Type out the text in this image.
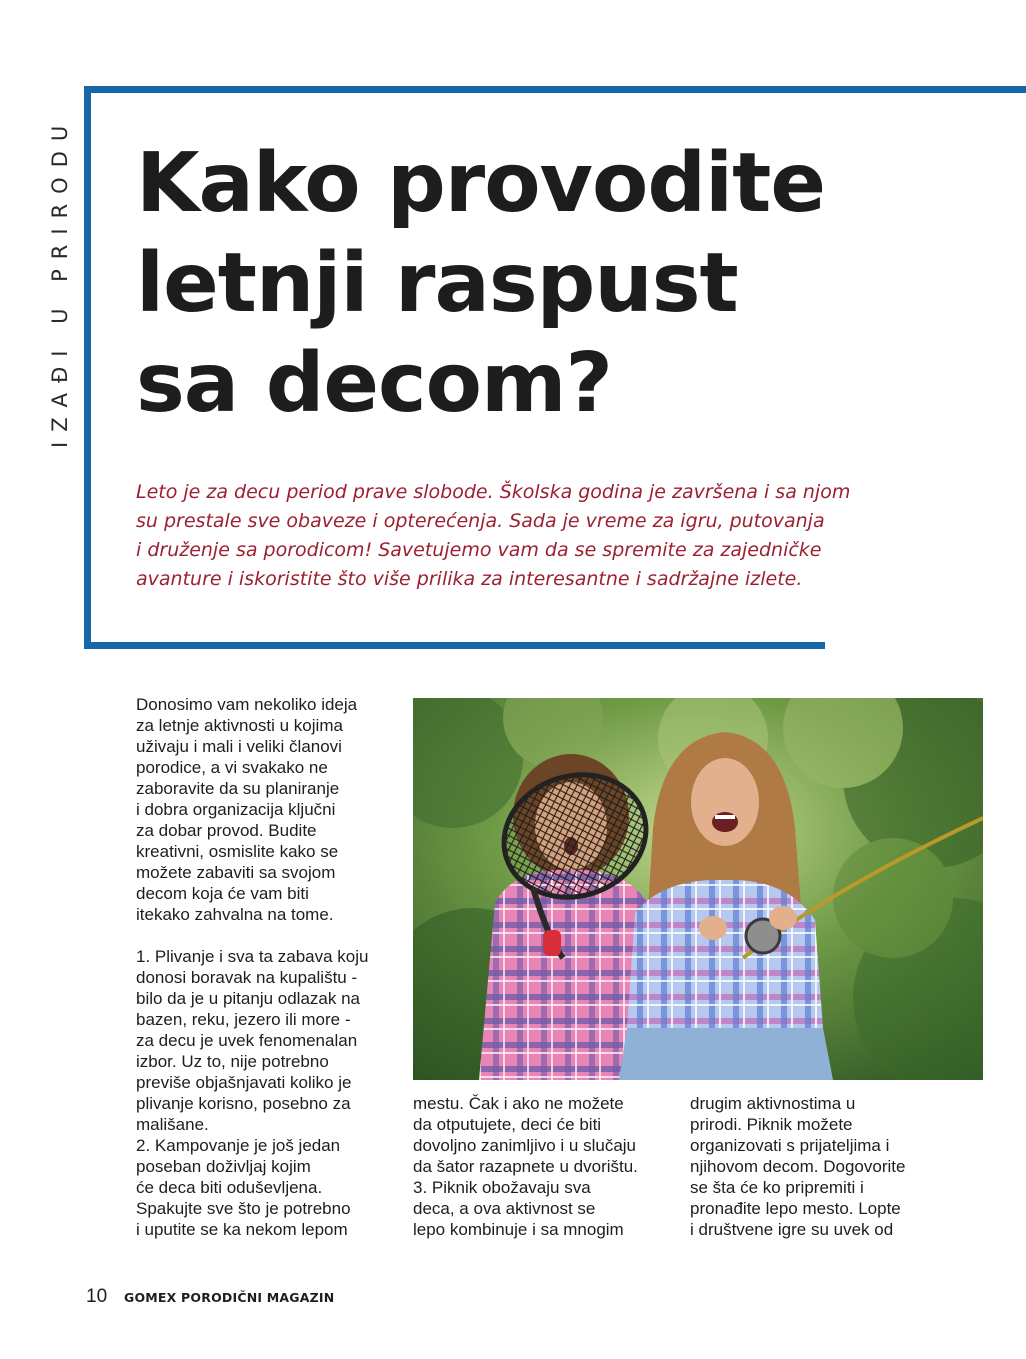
IZAĐI U PRIRODU Kako provodite
letnji raspust
sa decom?
Leto je za decu period prave slobode. Školska godina je završena i sa njom
su prestale sve obaveze i opterećenja. Sada je vreme za igru, putovanja
i druženje sa porodicom! Savetujemo vam da se spremite za zajedničke
avanture i iskoristite što više prilika za interesantne i sadržajne izlete.
Donosimo vam nekoliko ideja
za letnje aktivnosti u kojima
uživaju i mali i veliki članovi
porodice, a vi svakako ne
zaboravite da su planiranje
i dobra organizacija ključni
za dobar provod. Budite
kreativni, osmislite kako se
možete zabaviti sa svojom
decom koja će vam biti
itekako zahvalna na tome.
1. Plivanje i sva ta zabava koju
donosi boravak na kupalištu -
bilo da je u pitanju odlazak na
bazen, reku, jezero ili more -
za decu je uvek fenomenalan
izbor. Uz to, nije potrebno
previše objašnjavati koliko je
plivanje korisno, posebno za
mališane.
2. Kampovanje je još jedan
poseban doživljaj kojim
će deca biti oduševljena.
Spakujte sve što je potrebno
i uputite se ka nekom lepom
mestu. Čak i ako ne možete
da otputujete, deci će biti
dovoljno zanimljivo i u slučaju
da šator razapnete u dvorištu.
3. Piknik obožavaju sva
deca, a ova aktivnost se
lepo kombinuje i sa mnogim
drugim aktivnostima u
prirodi. Piknik možete
organizovati s prijateljima i
njihovom decom. Dogovorite
se šta će ko pripremiti i
pronađite lepo mesto. Lopte
i društvene igre su uvek od
10 GOMEX PORODIČNI MAGAZIN
